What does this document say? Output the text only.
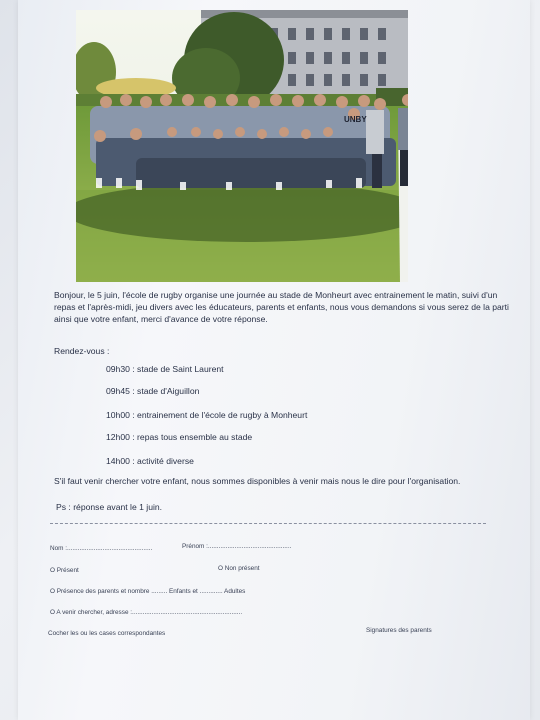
UNBY
Bonjour, le 5 juin, l'école de rugby organise une journée au stade de Monheurt avec entrainement le matin, suivi d'un repas et l'après-midi, jeu divers avec les éducateurs, parents et enfants, nous vous demandons si vous serez de la parti ainsi que votre enfant, merci d'avance de votre réponse.
Rendez-vous :
09h30 : stade de Saint Laurent
09h45 : stade d'Aiguillon
10h00 : entrainement de l'école de rugby à Monheurt
12h00 : repas tous ensemble au stade
14h00 : activité diverse
S'il faut venir chercher votre enfant, nous sommes disponibles à venir mais nous le dire pour l'organisation.
Ps : réponse avant le 1 juin.
Nom :................................................	Prénom :...............................................
O Présent	O Non présent
O Présence des parents et nombre ......... Enfants et ............. Adultes
O A venir chercher, adresse :..............................................................
Cocher les ou les cases correspondantes	Signatures des parents
